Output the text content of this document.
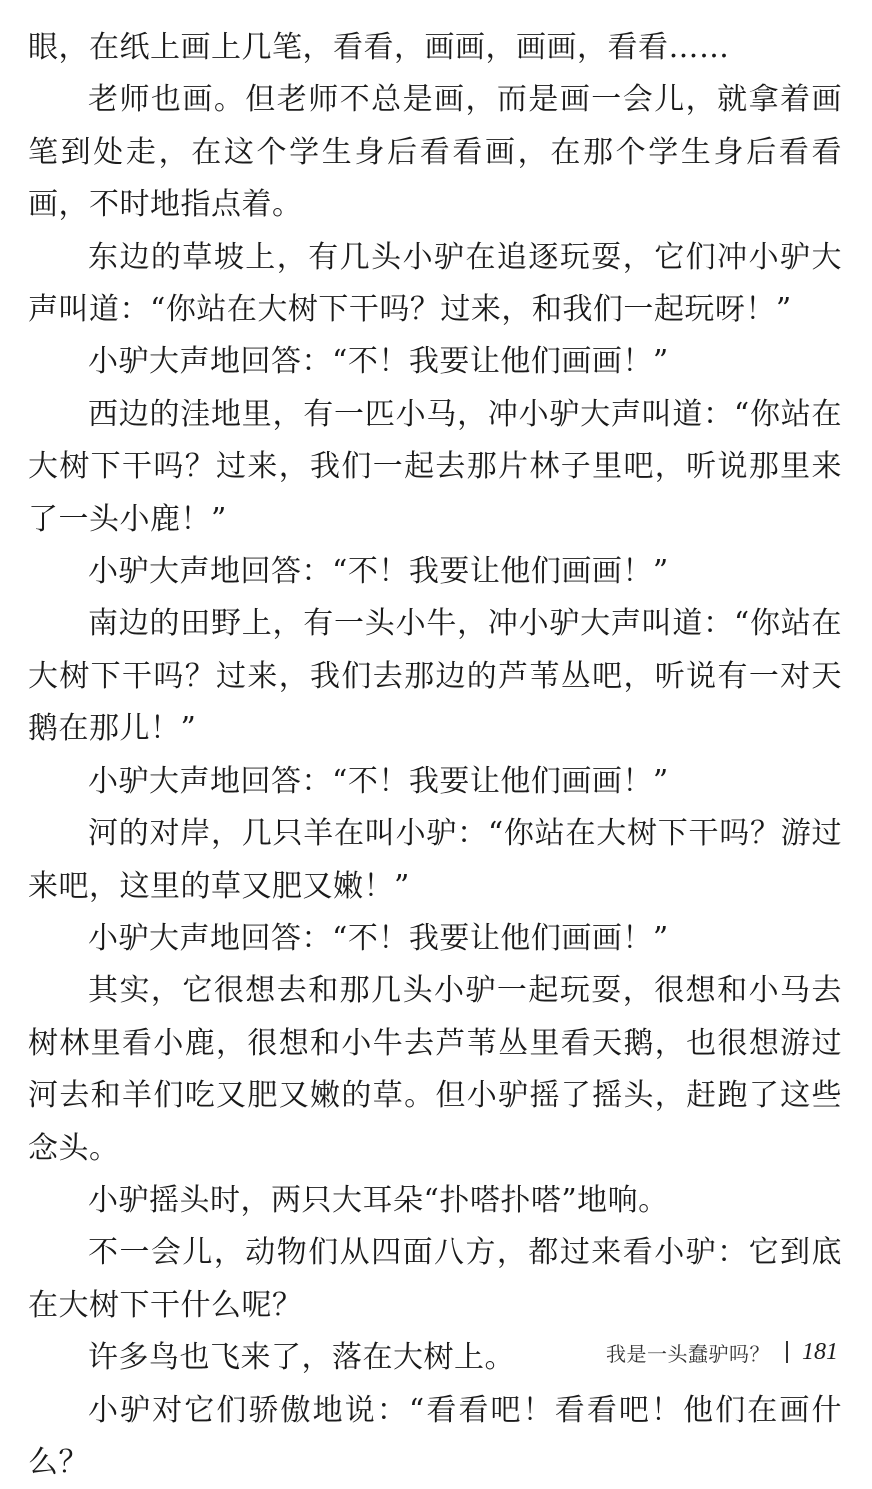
眼，在纸上画上几笔，看看，画画，画画，看看……

老师也画。但老师不总是画，而是画一会儿，就拿着画笔到处走，在这个学生身后看看画，在那个学生身后看看画，不时地指点着。

东边的草坡上，有几头小驴在追逐玩耍，它们冲小驴大声叫道：“你站在大树下干吗？过来，和我们一起玩呀！”

小驴大声地回答：“不！我要让他们画画！”

西边的洼地里，有一匹小马，冲小驴大声叫道：“你站在大树下干吗？过来，我们一起去那片林子里吧，听说那里来了一头小鹿！”

小驴大声地回答：“不！我要让他们画画！”

南边的田野上，有一头小牛，冲小驴大声叫道：“你站在大树下干吗？过来，我们去那边的芦苇丛吧，听说有一对天鹅在那儿！”

小驴大声地回答：“不！我要让他们画画！”

河的对岸，几只羊在叫小驴：“你站在大树下干吗？游过来吧，这里的草又肥又嫩！”

小驴大声地回答：“不！我要让他们画画！”

其实，它很想去和那几头小驴一起玩耍，很想和小马去树林里看小鹿，很想和小牛去芦苇丛里看天鹅，也很想游过河去和羊们吃又肥又嫩的草。但小驴摇了摇头，赶跑了这些念头。

小驴摇头时，两只大耳朵“扑嗒扑嗒”地响。

不一会儿，动物们从四面八方，都过来看小驴：它到底在大树下干什么呢？

许多鸟也飞来了，落在大树上。

小驴对它们骄傲地说：“看看吧！看看吧！他们在画什么？

我是一头蠢驴吗？ 181
